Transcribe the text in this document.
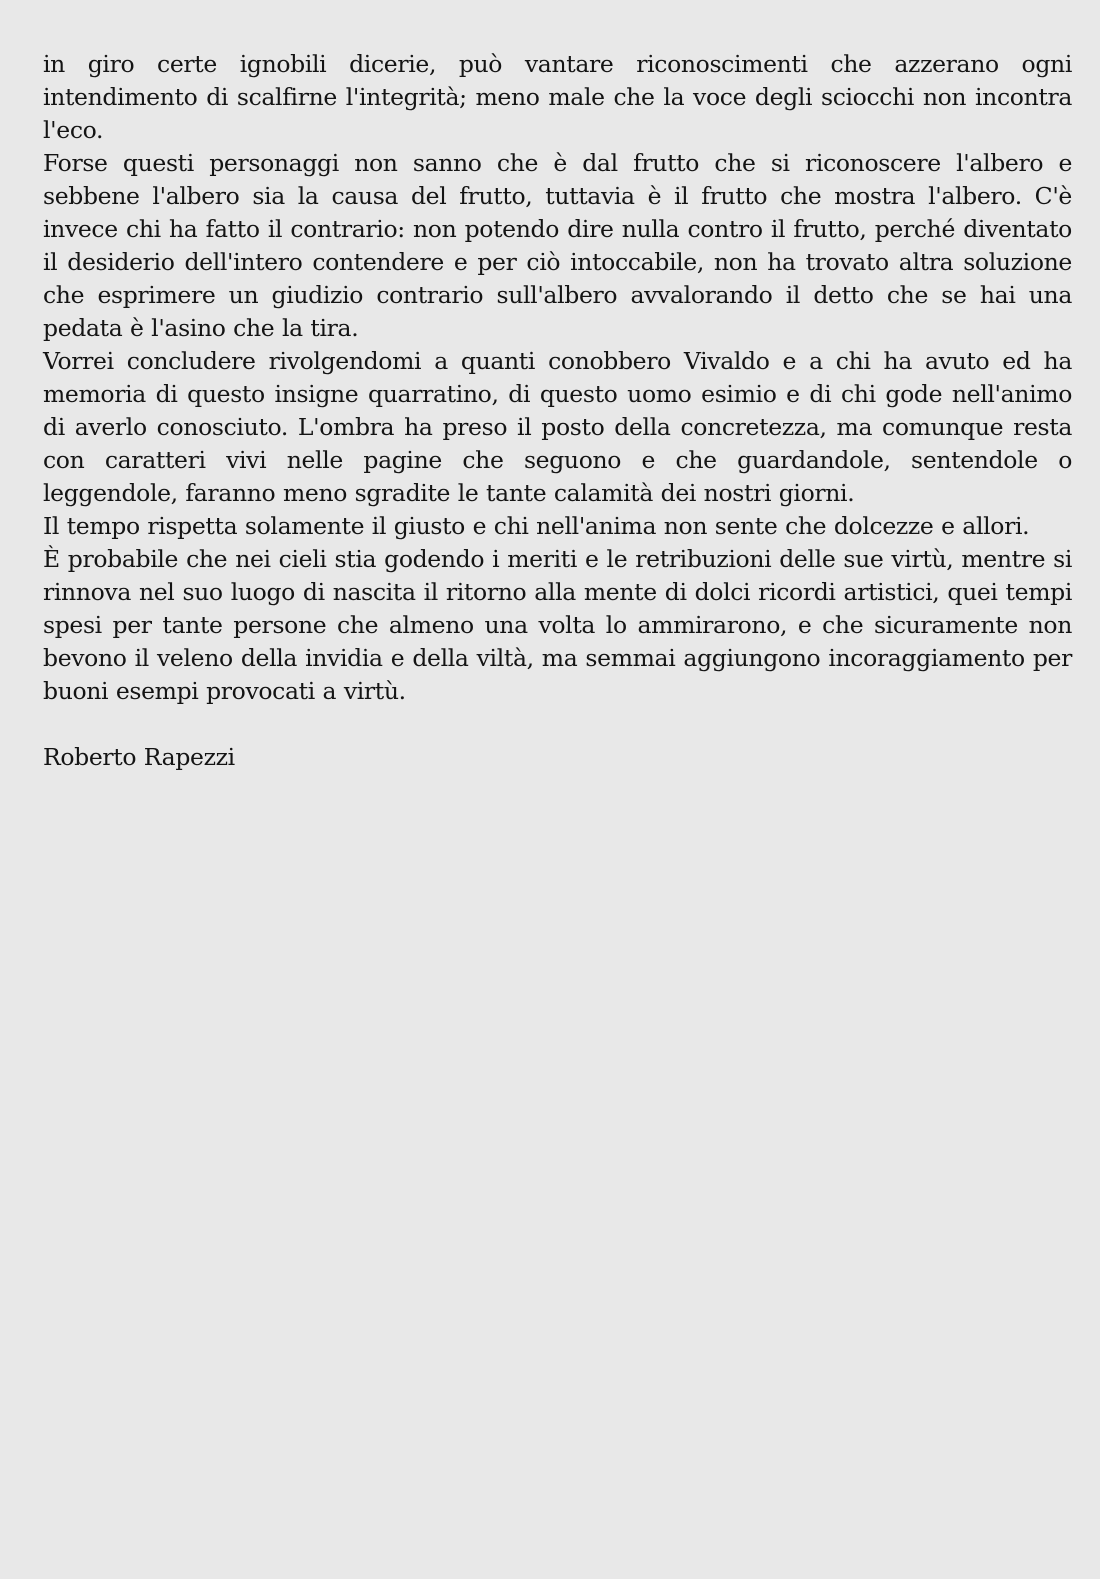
in giro certe ignobili dicerie, può vantare riconoscimenti che azzerano ogni intendimento di scalfirne l'integrità; meno male che la voce degli sciocchi non incontra l'eco.

Forse questi personaggi non sanno che è dal frutto che si riconoscere l'albero e sebbene l'albero sia la causa del frutto, tuttavia è il frutto che mostra l'albero. C'è invece chi ha fatto il contrario: non potendo dire nulla contro il frutto, perché diventato il desiderio dell'intero contendere e per ciò intoccabile, non ha trovato altra soluzione che esprimere un giudizio contrario sull'albero avvalorando il detto che se hai una pedata è l'asino che la tira.

Vorrei concludere rivolgendomi a quanti conobbero Vivaldo e a chi ha avuto ed ha memoria di questo insigne quarratino, di questo uomo esimio e di chi gode nell'animo di averlo conosciuto. L'ombra ha preso il posto della concretezza, ma comunque resta con caratteri vivi nelle pagine che seguono e che guardandole, sentendole o leggendole, faranno meno sgradite le tante calamità dei nostri giorni.

Il tempo rispetta solamente il giusto e chi nell'anima non sente che dolcezze e allori.

È probabile che nei cieli stia godendo i meriti e le retribuzioni delle sue virtù, mentre si rinnova nel suo luogo di nascita il ritorno alla mente di dolci ricordi artistici, quei tempi spesi per tante persone che almeno una volta lo ammirarono, e che sicuramente non bevono il veleno della invidia e della viltà, ma semmai aggiungono incoraggiamento per buoni esempi provocati a virtù.

Roberto Rapezzi
